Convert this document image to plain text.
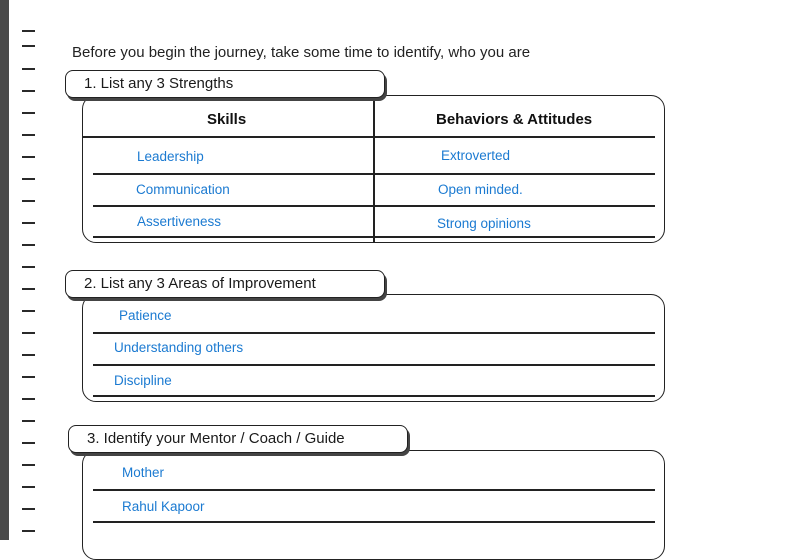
Before you begin the journey, take some time to identify, who you are
1. List any 3 Strengths
Skills	Behaviors & Attitudes
Leadership	Extroverted
Communication	Open minded.
Assertiveness	Strong opinions
2. List any 3 Areas of Improvement
Patience
Understanding others
Discipline
3. Identify your Mentor / Coach / Guide
Mother
Rahul Kapoor
